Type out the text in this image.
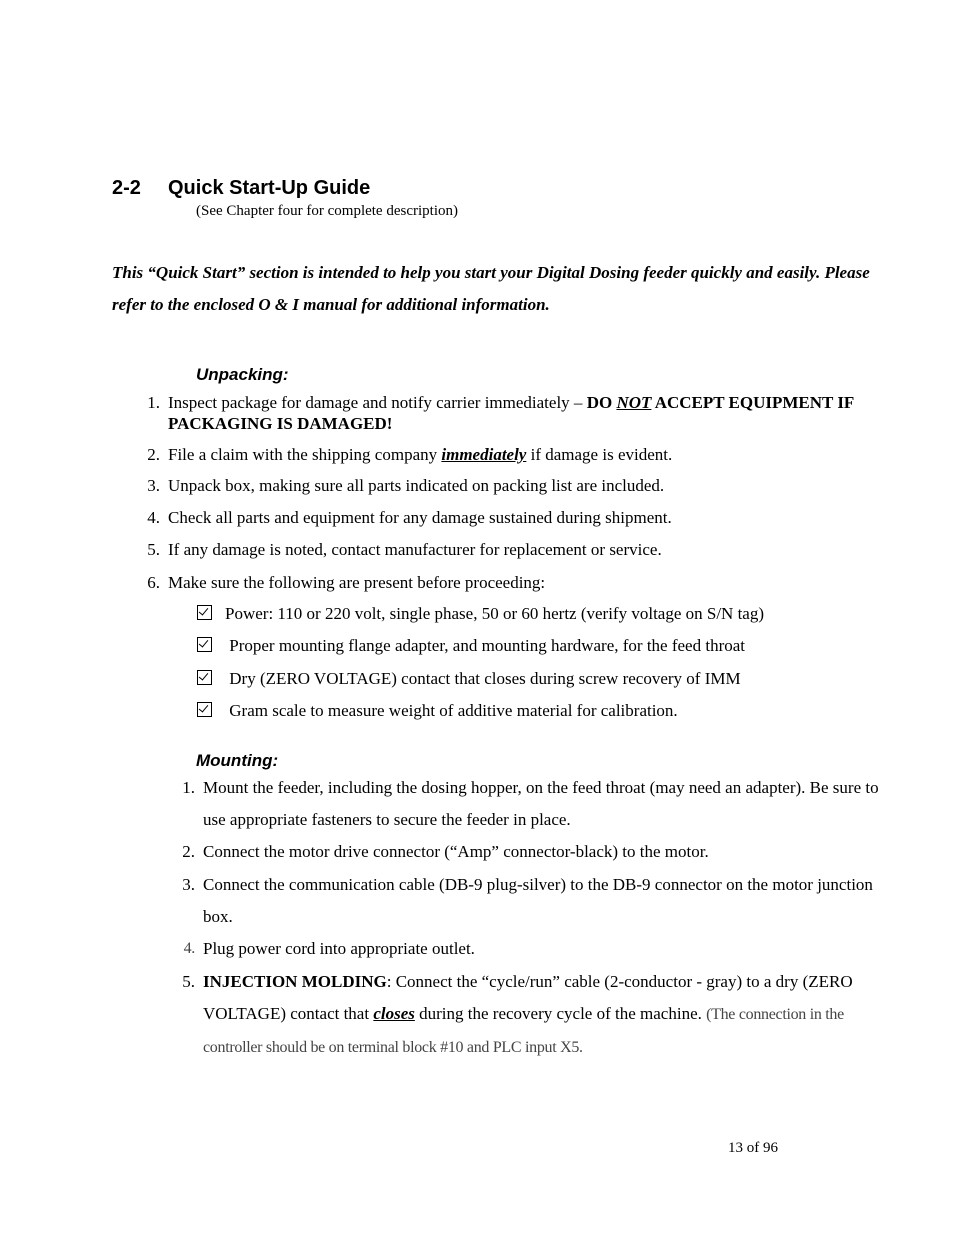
2-2 Quick Start-Up Guide
(See Chapter four for complete description)
This “Quick Start” section is intended to help you start your Digital Dosing feeder quickly and easily. Please refer to the enclosed O & I manual for additional information.
Unpacking:
1. Inspect package for damage and notify carrier immediately – DO NOT ACCEPT EQUIPMENT IF PACKAGING IS DAMAGED!
2. File a claim with the shipping company immediately if damage is evident.
3. Unpack box, making sure all parts indicated on packing list are included.
4. Check all parts and equipment for any damage sustained during shipment.
5. If any damage is noted, contact manufacturer for replacement or service.
6. Make sure the following are present before proceeding:
Power: 110 or 220 volt, single phase, 50 or 60 hertz (verify voltage on S/N tag)
Proper mounting flange adapter, and mounting hardware, for the feed throat
Dry (ZERO VOLTAGE) contact that closes during screw recovery of IMM
Gram scale to measure weight of additive material for calibration.
Mounting:
1. Mount the feeder, including the dosing hopper, on the feed throat (may need an adapter). Be sure to use appropriate fasteners to secure the feeder in place.
2. Connect the motor drive connector (“Amp” connector-black) to the motor.
3. Connect the communication cable (DB-9 plug-silver) to the DB-9 connector on the motor junction box.
4. Plug power cord into appropriate outlet.
5. INJECTION MOLDING: Connect the “cycle/run” cable (2-conductor - gray) to a dry (ZERO VOLTAGE) contact that closes during the recovery cycle of the machine. (The connection in the controller should be on terminal block #10 and PLC input X5.
13 of 96
